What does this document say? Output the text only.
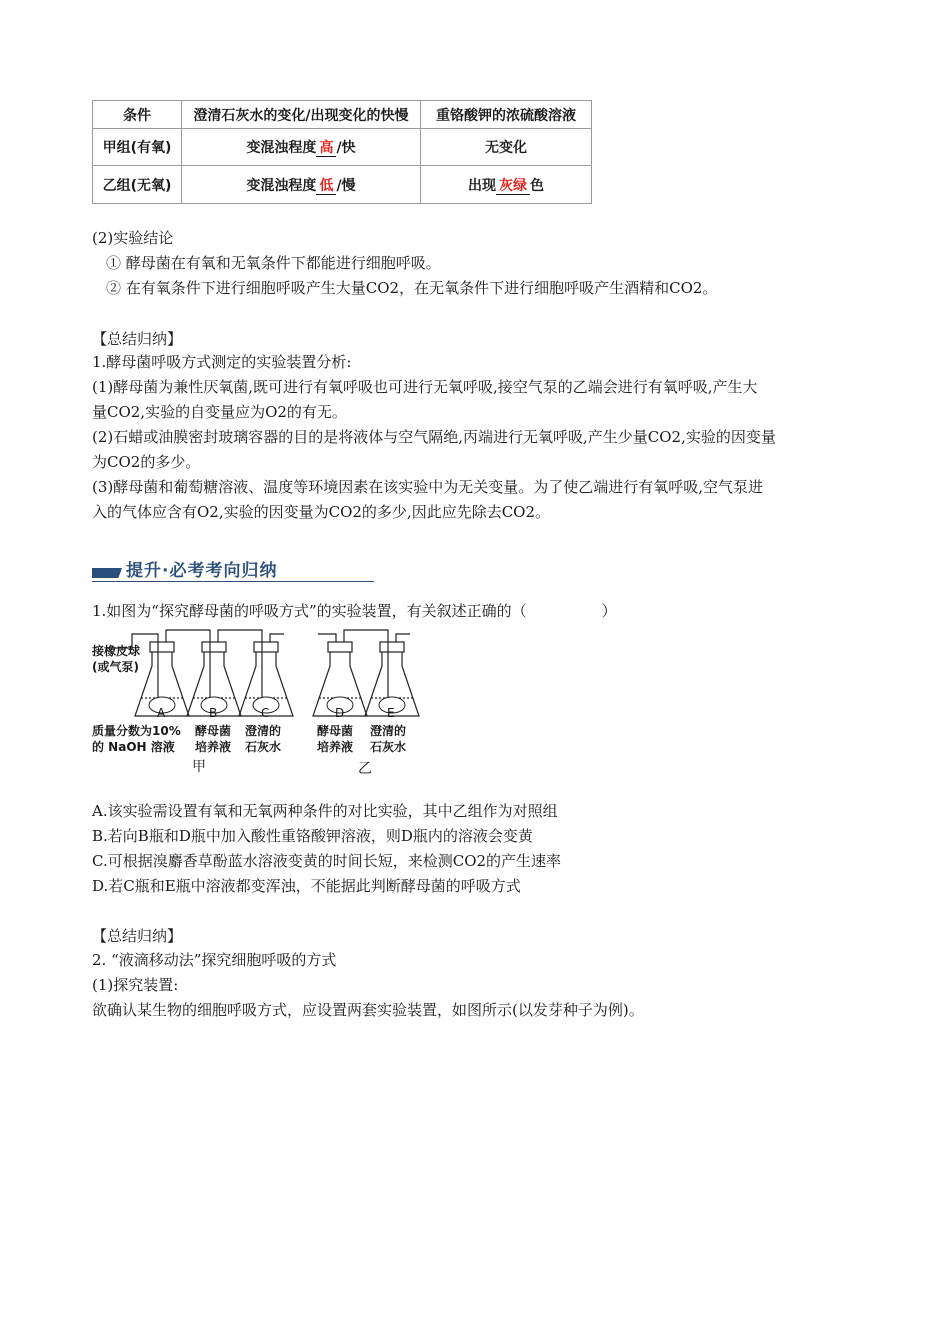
条件	澄清石灰水的变化/出现变化的快慢	重铬酸钾的浓硫酸溶液
甲组(有氧)	变混浊程度 高 /快	无变化
乙组(无氧)	变混浊程度 低 /慢	出现 灰绿 色
(2)实验结论
① 酵母菌在有氧和无氧条件下都能进行细胞呼吸。
② 在有氧条件下进行细胞呼吸产生大量CO2，在无氧条件下进行细胞呼吸产生酒精和CO2。
【总结归纳】
1.酵母菌呼吸方式测定的实验装置分析:
(1)酵母菌为兼性厌氧菌,既可进行有氧呼吸也可进行无氧呼吸,接空气泵的乙端会进行有氧呼吸,产生大
量CO2,实验的自变量应为O2的有无。
(2)石蜡或油膜密封玻璃容器的目的是将液体与空气隔绝,丙端进行无氧呼吸,产生少量CO2,实验的因变量
为CO2的多少。
(3)酵母菌和葡萄糖溶液、温度等环境因素在该实验中为无关变量。为了使乙端进行有氧呼吸,空气泵进
入的气体应含有O2,实验的因变量为CO2的多少,因此应先除去CO2。
提升·必考考向归纳
1.如图为“探究酵母菌的呼吸方式”的实验装置，有关叙述正确的（　　　　　）
A	B	C	D	E
接橡皮球
(或气泵)
质量分数为10%
的 NaOH 溶液
酵母菌
培养液
澄清的
石灰水
酵母菌
培养液
澄清的
石灰水
甲	乙
A.该实验需设置有氧和无氧两种条件的对比实验，其中乙组作为对照组
B.若向B瓶和D瓶中加入酸性重铬酸钾溶液，则D瓶内的溶液会变黄
C.可根据溴麝香草酚蓝水溶液变黄的时间长短，来检测CO2的产生速率
D.若C瓶和E瓶中溶液都变浑浊，不能据此判断酵母菌的呼吸方式
【总结归纳】
2. “液滴移动法”探究细胞呼吸的方式
(1)探究装置:
欲确认某生物的细胞呼吸方式，应设置两套实验装置，如图所示(以发芽种子为例)。
